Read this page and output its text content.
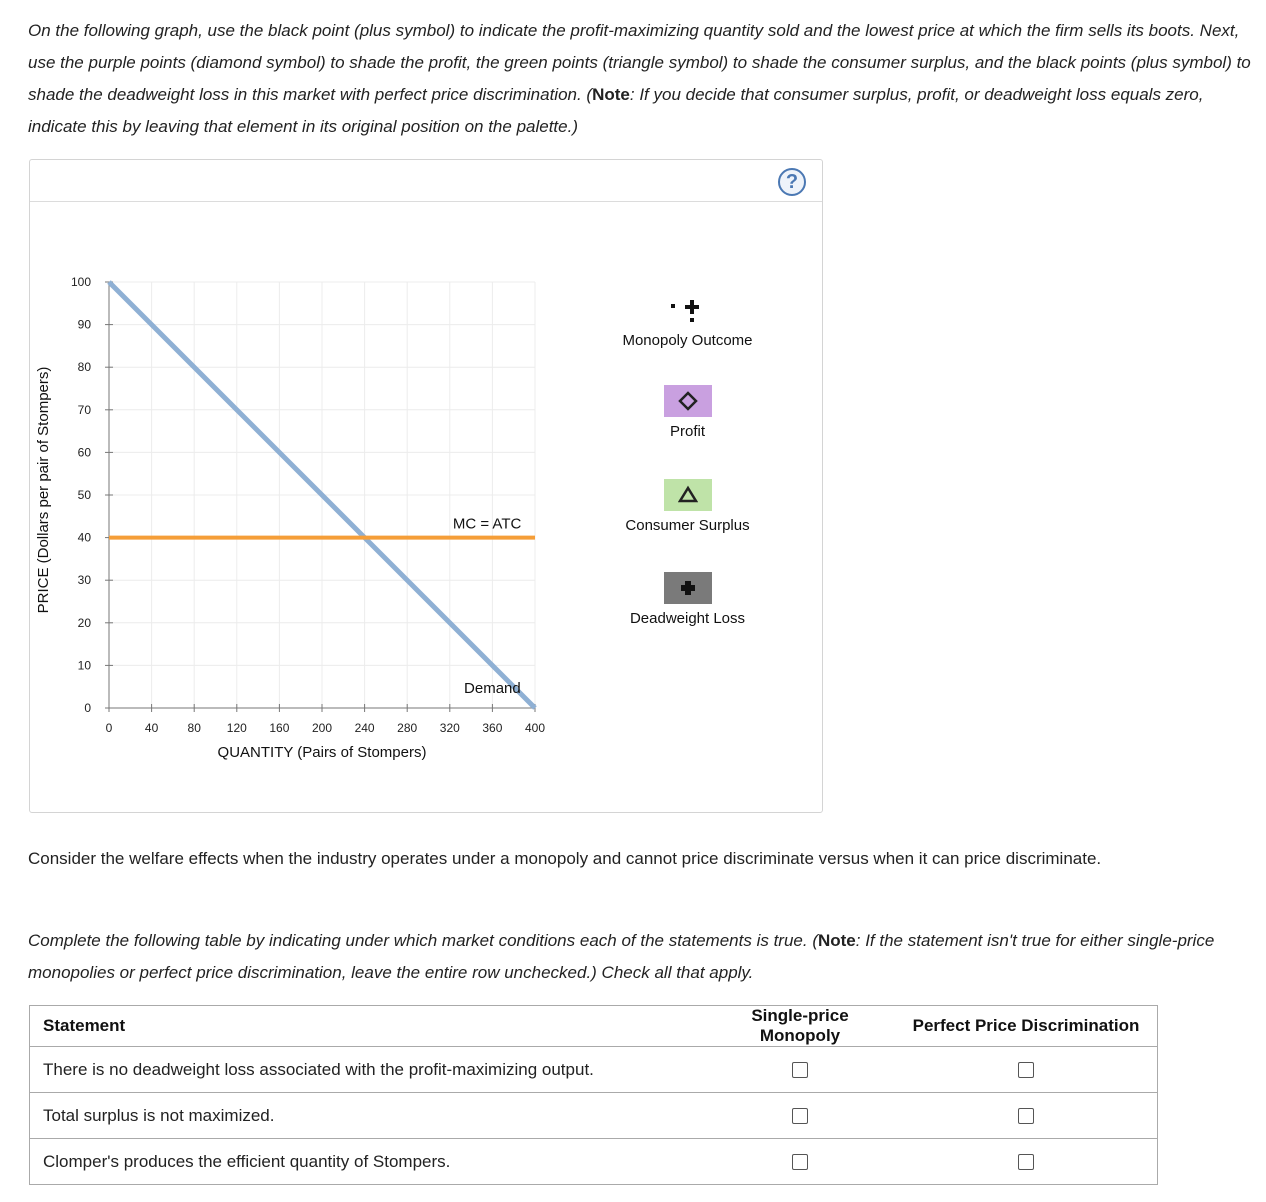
On the following graph, use the black point (plus symbol) to indicate the profit-maximizing quantity sold and the lowest price at which the firm sells its boots. Next, use the purple points (diamond symbol) to shade the profit, the green points (triangle symbol) to shade the consumer surplus, and the black points (plus symbol) to shade the deadweight loss in this market with perfect price discrimination. (Note: If you decide that consumer surplus, profit, or deadweight loss equals zero, indicate this by leaving that element in its original position on the palette.)
?
0	40 80 120 160 200 240 280 320 360 400
0
10
20
30
40
50
60
70
80
90
100
QUANTITY (Pairs of Stompers)
PRICE (Dollars per pair of Stompers)
Demand
MC = ATC
Monopoly Outcome
Profit
Consumer Surplus
Deadweight Loss
Consider the welfare effects when the industry operates under a monopoly and cannot price discriminate versus when it can price discriminate.
Complete the following table by indicating under which market conditions each of the statements is true. (Note: If the statement isn't true for either single-price monopolies or perfect price discrimination, leave the entire row unchecked.) Check all that apply.
Statement	Single-price Monopoly	Perfect Price Discrimination
There is no deadweight loss associated with the profit-maximizing output.		
Total surplus is not maximized.		
Clomper's produces the efficient quantity of Stompers.		
